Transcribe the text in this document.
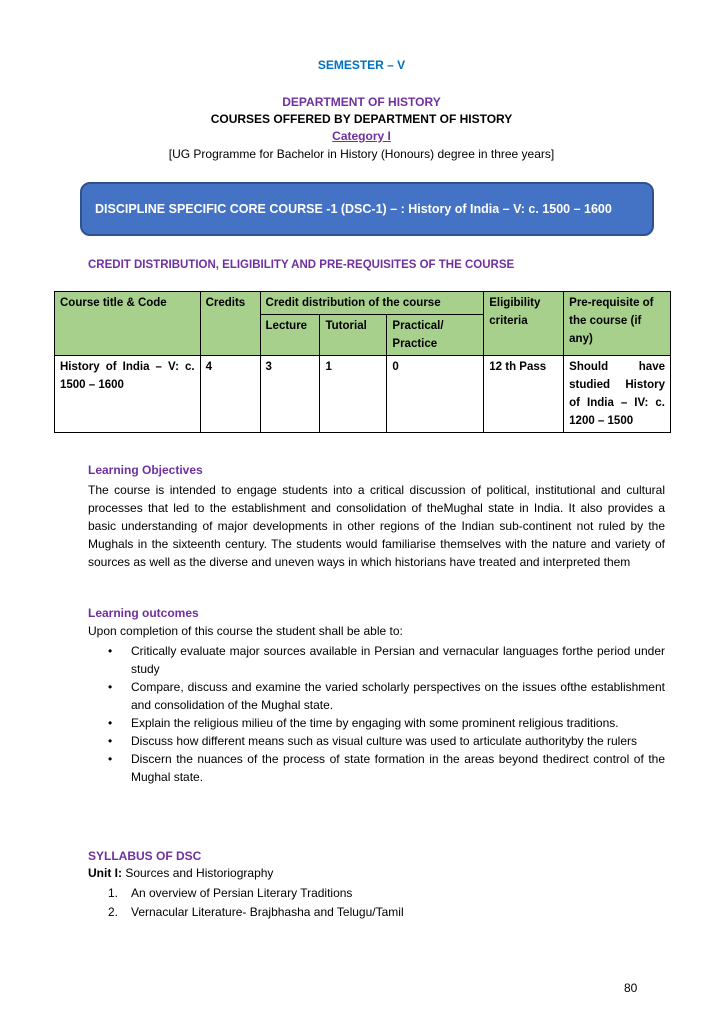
SEMESTER – V
DEPARTMENT OF HISTORY
COURSES OFFERED BY DEPARTMENT OF HISTORY
Category I
[UG Programme for Bachelor in History (Honours) degree in three years]
DISCIPLINE SPECIFIC CORE COURSE -1 (DSC-1) – : History of India – V: c. 1500 – 1600
CREDIT DISTRIBUTION, ELIGIBILITY AND PRE-REQUISITES OF THE COURSE
Course title & Code	Credits	Credit distribution of the course			Eligibility criteria	Pre-requisite of the course (if any)
		Lecture	Tutorial	Practical/ Practice		
History of India – V: c. 1500 – 1600	4	3	1	0	12 th Pass	Should have studied History of India – IV: c. 1200 – 1500
Learning Objectives
The course is intended to engage students into a critical discussion of political, institutional and cultural processes that led to the establishment and consolidation of theMughal state in India. It also provides a basic understanding of major developments in other regions of the Indian sub-continent not ruled by the Mughals in the sixteenth century. The students would familiarise themselves with the nature and variety of sources as well as the diverse and uneven ways in which historians have treated and interpreted them
Learning outcomes
Upon completion of this course the student shall be able to:
• Critically evaluate major sources available in Persian and vernacular languages forthe period under study
• Compare, discuss and examine the varied scholarly perspectives on the issues ofthe establishment and consolidation of the Mughal state.
• Explain the religious milieu of the time by engaging with some prominent religious traditions.
• Discuss how different means such as visual culture was used to articulate authorityby the rulers
• Discern the nuances of the process of state formation in the areas beyond thedirect control of the Mughal state.
SYLLABUS OF DSC
Unit I: Sources and Historiography
1. An overview of Persian Literary Traditions
2. Vernacular Literature- Brajbhasha and Telugu/Tamil
80
